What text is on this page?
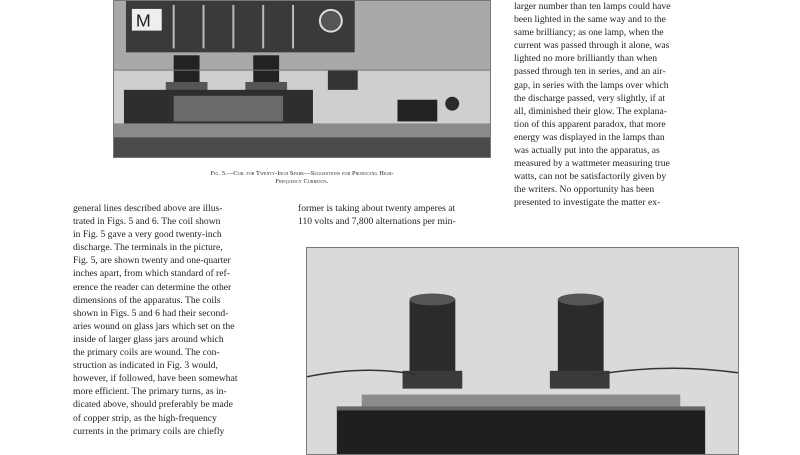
M
Fig. 5.—Coil for Twenty-Inch Spark—Suggestions for Producing High-
Frequency Currents.
larger number than ten lamps could have
been lighted in the same way and to the
same brilliancy; as one lamp, when the
current was passed through it alone, was
lighted no more brilliantly than when
passed through ten in series, and an air-
gap, in series with the lamps over which
the discharge passed, very slightly, if at
all, diminished their glow. The explana-
tion of this apparent paradox, that more
energy was displayed in the lamps than
was actually put into the apparatus, as
measured by a wattmeter measuring true
watts, can not be satisfactorily given by
the writers. No opportunity has been
presented to investigate the matter ex-
general lines described above are illus-
trated in Figs. 5 and 6. The coil shown
in Fig. 5 gave a very good twenty-inch
discharge. The terminals in the picture,
Fig. 5, are shown twenty and one-quarter
inches apart, from which standard of ref-
erence the reader can determine the other
dimensions of the apparatus. The coils
shown in Figs. 5 and 6 had their second-
aries wound on glass jars which set on the
inside of larger glass jars around which
the primary coils are wound. The con-
struction as indicated in Fig. 3 would,
however, if followed, have been somewhat
more efficient. The primary turns, as in-
dicated above, should preferably be made
of copper strip, as the high-frequency
currents in the primary coils are chiefly
former is taking about twenty amperes at
110 volts and 7,800 alternations per min-
